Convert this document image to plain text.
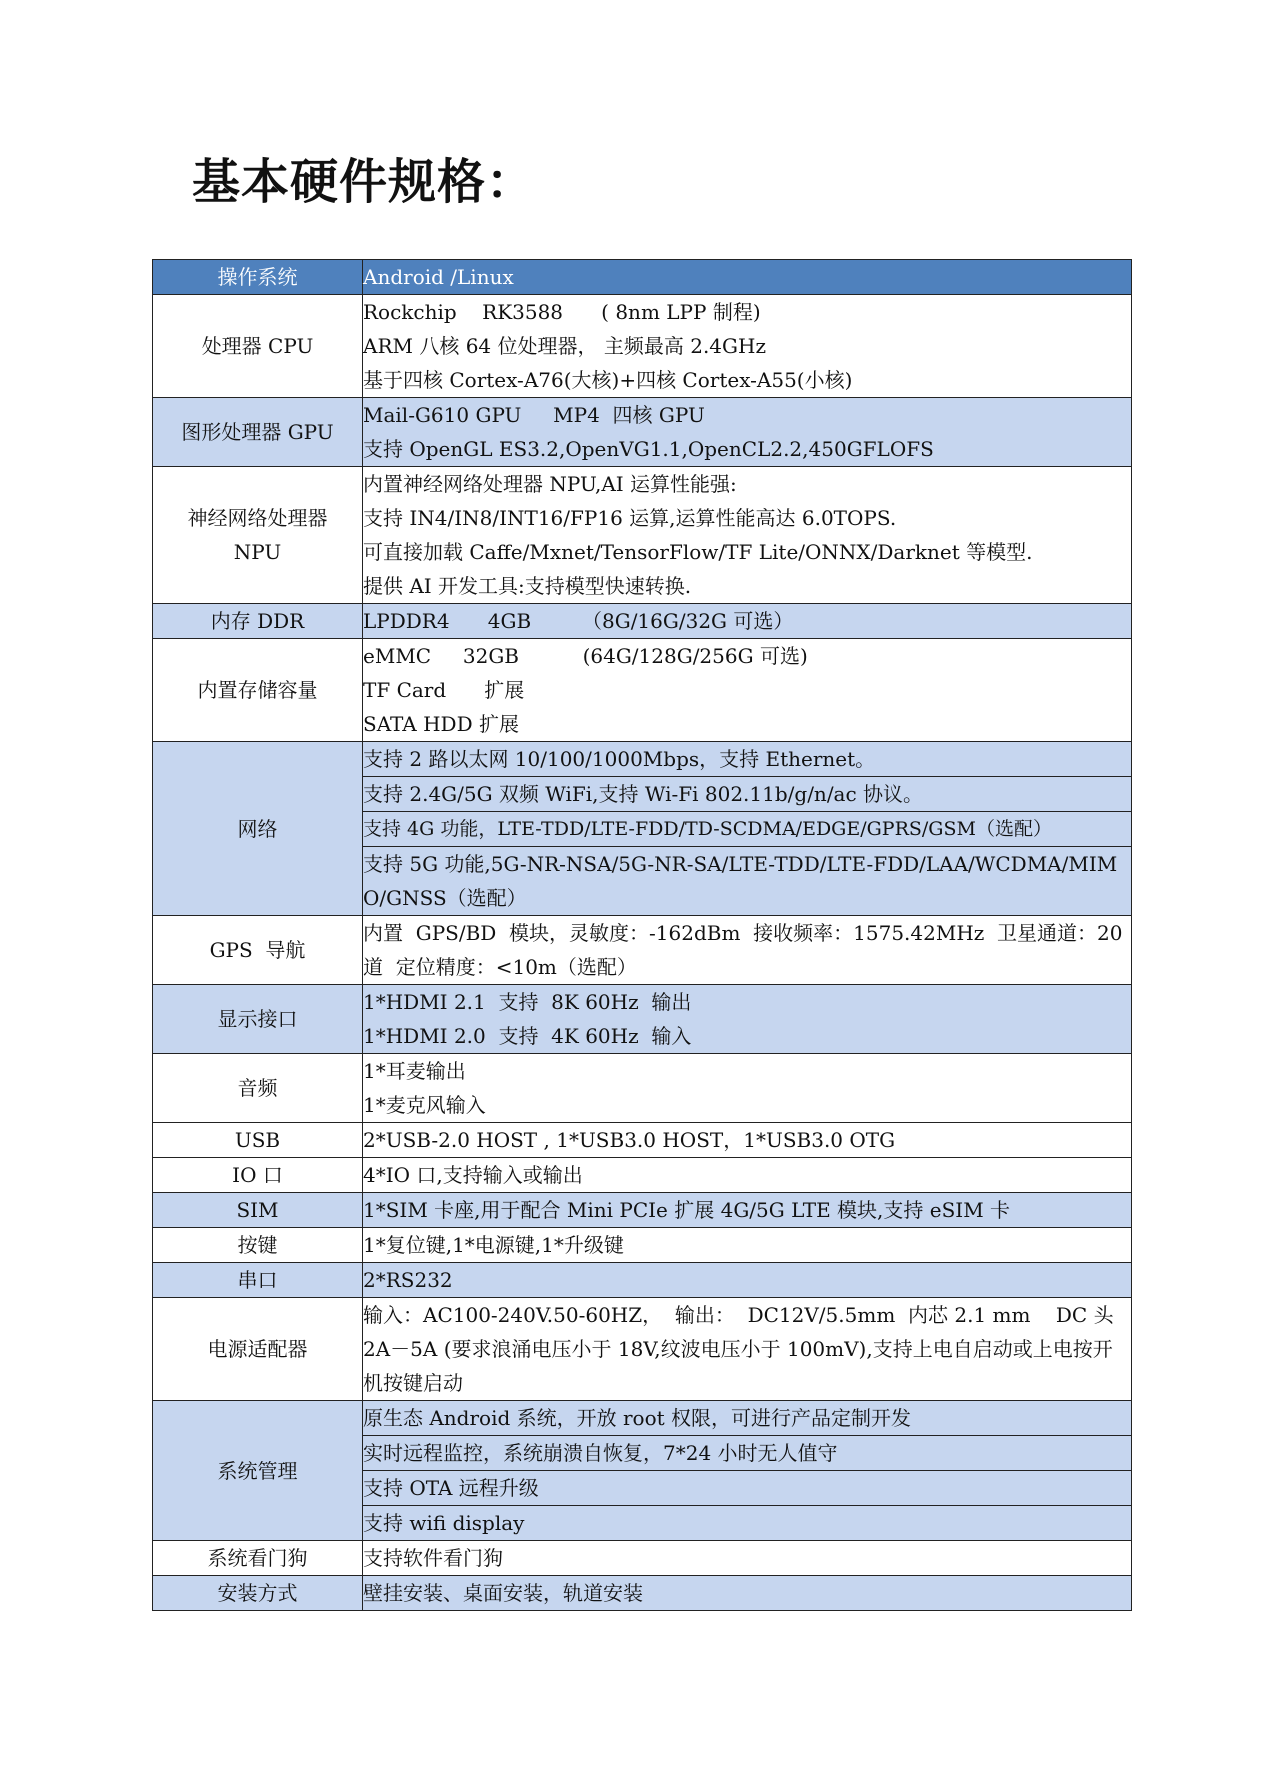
基本硬件规格：
操作系统	Android /Linux

处理器 CPU	Rockchip    RK3588      ( 8nm LPP 制程)
ARM 八核 64 位处理器， 主频最高 2.4GHz
基于四核 Cortex-A76(大核)+四核 Cortex-A55(小核)

图形处理器 GPU	Mail-G610 GPU     MP4  四核 GPU
支持 OpenGL ES3.2,OpenVG1.1,OpenCL2.2,450GFLOFS

神经网络处理器 NPU	内置神经网络处理器 NPU,AI 运算性能强:
支持 IN4/IN8/INT16/FP16 运算,运算性能高达 6.0TOPS.
可直接加载 Caffe/Mxnet/TensorFlow/TF Lite/ONNX/Darknet 等模型.
提供 AI 开发工具:支持模型快速转换.

内存 DDR	LPDDR4      4GB        （8G/16G/32G 可选）

内置存储容量	eMMC     32GB          (64G/128G/256G 可选)
TF Card      扩展
SATA HDD 扩展

网络	支持 2 路以太网 10/100/1000Mbps，支持 Ethernet。

	支持 2.4G/5G 双频 WiFi,支持 Wi-Fi 802.11b/g/n/ac 协议。

	支持 4G 功能，LTE-TDD/LTE-FDD/TD-SCDMA/EDGE/GPRS/GSM（选配）

	支持 5G 功能,5G-NR-NSA/5G-NR-SA/LTE-TDD/LTE-FDD/LAA/WCDMA/MIMO/GNSS（选配）

GPS  导航	内置  GPS/BD  模块，灵敏度：-162dBm  接收频率：1575.42MHz  卫星通道：20 道  定位精度：<10m（选配）

显示接口	1*HDMI 2.1  支持  8K 60Hz  输出
1*HDMI 2.0  支持  4K 60Hz  输入

音频	1*耳麦输出
1*麦克风输入

USB	2*USB-2.0 HOST , 1*USB3.0 HOST，1*USB3.0 OTG

IO 口	4*IO 口,支持输入或输出

SIM	1*SIM 卡座,用于配合 Mini PCIe 扩展 4G/5G LTE 模块,支持 eSIM 卡

按键	1*复位键,1*电源键,1*升级键

串口	2*RS232

电源适配器	输入：AC100-240V.50-60HZ，  输出：  DC12V/5.5mm  内芯 2.1 mm    DC 头 2A－5A (要求浪涌电压小于 18V,纹波电压小于 100mV),支持上电自启动或上电按开机按键启动

系统管理	原生态 Android 系统，开放 root 权限，可进行产品定制开发

	实时远程监控，系统崩溃自恢复，7*24 小时无人值守

	支持 OTA 远程升级

	支持 wifi display

系统看门狗	支持软件看门狗

安装方式	壁挂安装、桌面安装，轨道安装
